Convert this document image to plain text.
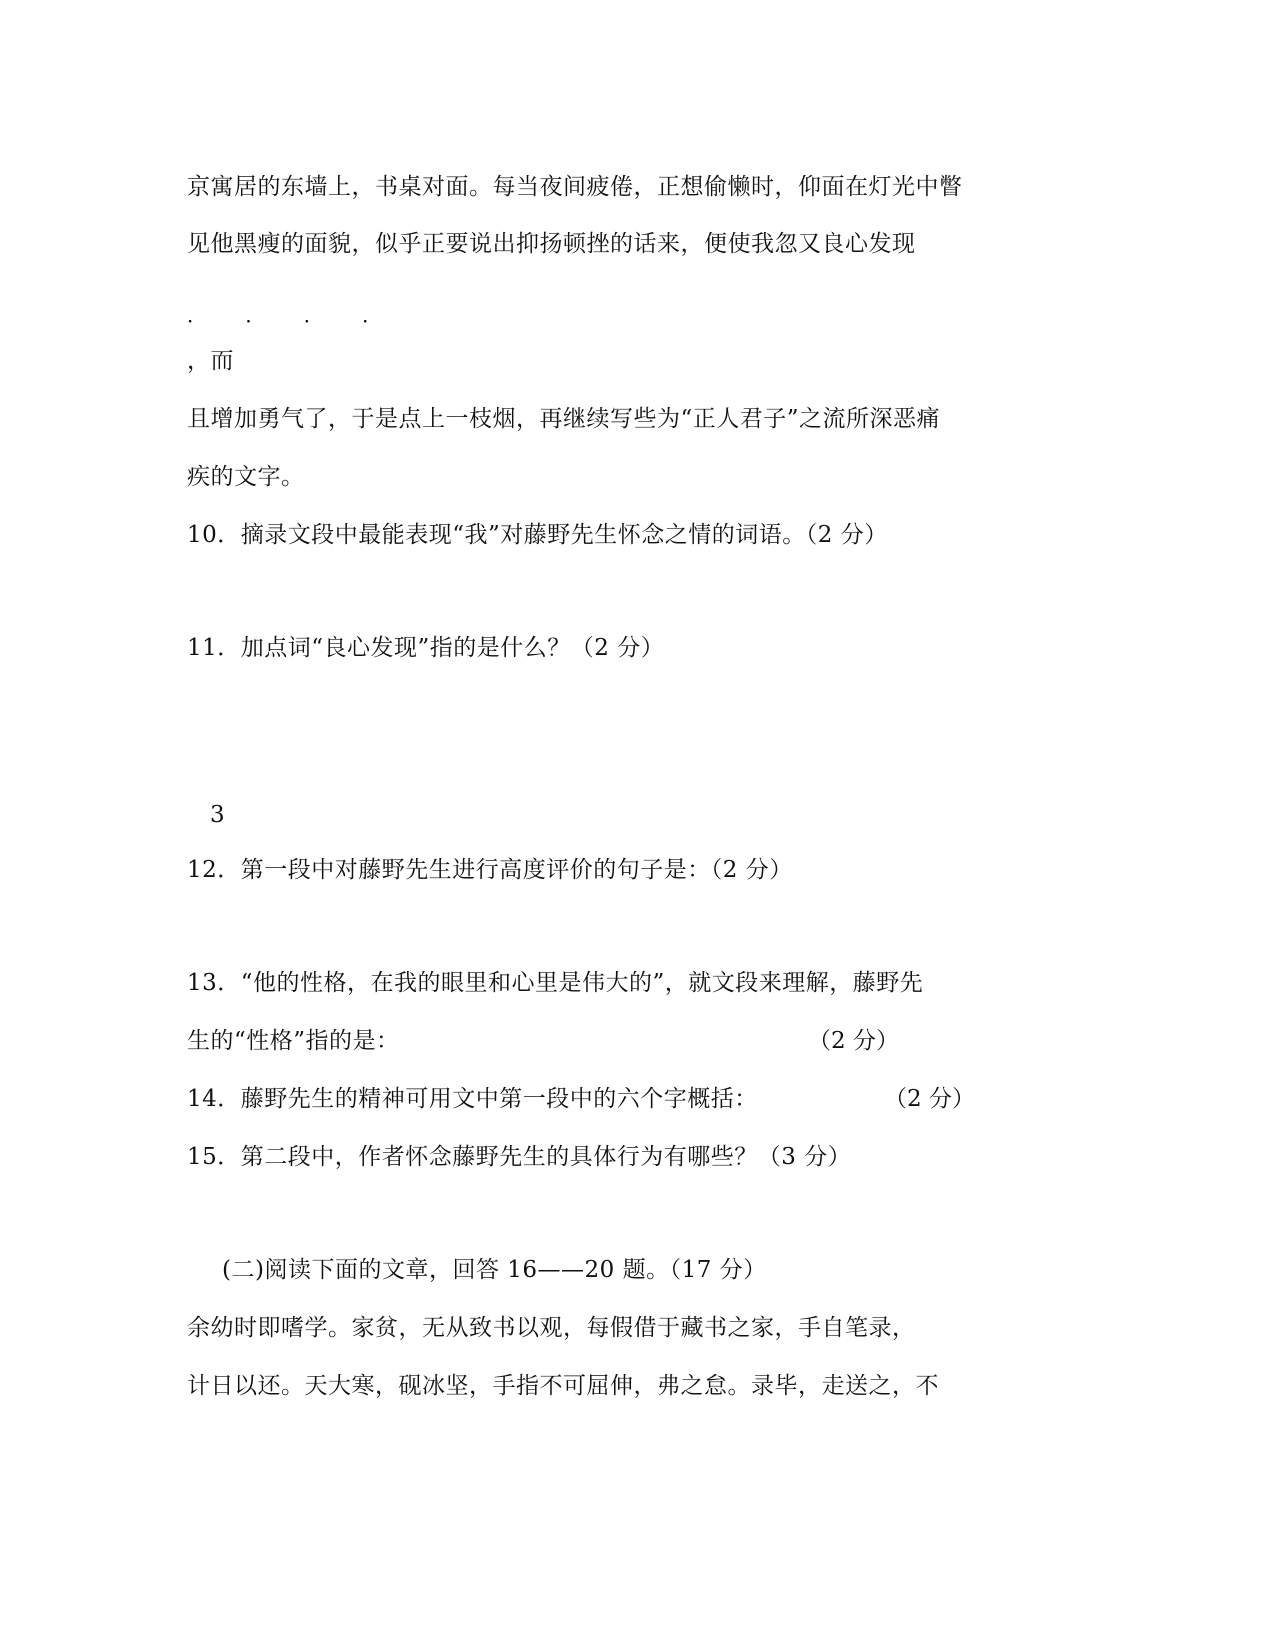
京寓居的东墙上，书桌对面。每当夜间疲倦，正想偷懒时，仰面在灯光中瞥
见他黑瘦的面貌，似乎正要说出抑扬顿挫的话来，便使我忽又良心发现
． ． ． ．
，而
且增加勇气了，于是点上一枝烟，再继续写些为“正人君子”之流所深恶痛
疾的文字。
10．摘录文段中最能表现“我”对藤野先生怀念之情的词语。（2 分）
11．加点词“良心发现”指的是什么？（2 分）
3
12．第一段中对藤野先生进行高度评价的句子是：（2 分）
13．“他的性格，在我的眼里和心里是伟大的”，就文段来理解，藤野先
生的“性格”指的是：	（2 分）
14．藤野先生的精神可用文中第一段中的六个字概括：	（2 分）
15．第二段中，作者怀念藤野先生的具体行为有哪些？（3 分）
(二)阅读下面的文章，回答 16——20 题。（17 分）
余幼时即嗜学。家贫，无从致书以观，每假借于藏书之家，手自笔录，
计日以还。天大寒，砚冰坚，手指不可屈伸，弗之怠。录毕，走送之，不
